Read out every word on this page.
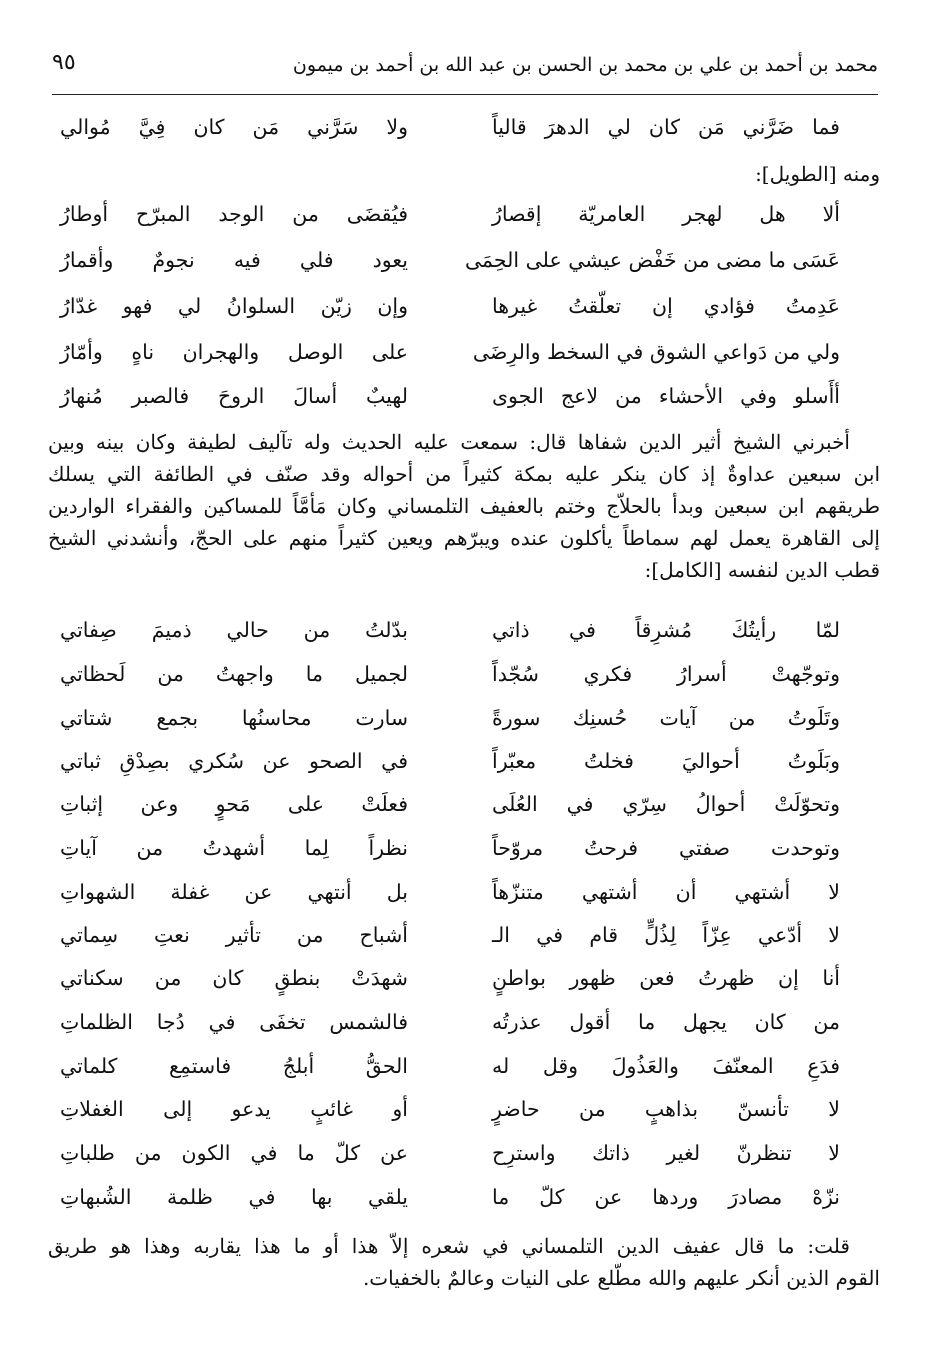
محمد بن أحمد بن علي بن محمد بن الحسن بن عبد الله بن أحمد بن ميمون
٩٥
فما ضَرَّني مَن كان لي الدهرَ قالياً
ولا سَرَّني مَن كان فِيَّ مُوالي
ومنه [الطويل]:
ألا هل لهجر العامريّة إقصارُ
فيُقضَى من الوجد المبرّح أوطارُ
عَسَى ما مضى من خَفْض عيشي على الحِمَى
يعود فلي فيه نجومٌ وأقمارُ
عَدِمتُ فؤادي إن تعلّقتُ غيرها
وإن زيّن السلوانُ لي فهو غدّارُ
ولي من دَواعي الشوق في السخط والرِضَى
على الوصل والهجران ناهٍ وأمّارُ
أأَسلو وفي الأحشاء من لاعج الجوى
لهيبٌ أسالَ الروحَ فالصبر مُنهارُ
أخبرني الشيخ أثير الدين شفاها قال: سمعت عليه الحديث وله تآليف لطيفة وكان بينه وبين
ابن سبعين عداوةٌ إذ كان ينكر عليه بمكة كثيراً من أحواله وقد صنّف في الطائفة التي يسلك
طريقهم ابن سبعين وبدأ بالحلاّج وختم بالعفيف التلمساني وكان مَأمَّاً للمساكين والفقراء الواردين
إلى القاهرة يعمل لهم سماطاً يأكلون عنده ويبرّهم ويعين كثيراً منهم على الحجّ، وأنشدني الشيخ
قطب الدين لنفسه [الكامل]:
لمّا رأيتُكَ مُشرِقاً في ذاتي
بدّلتُ من حالي ذميمَ صِفاتي
وتوجّهتْ أسرارُ فكري سُجّداً
لجميل ما واجهتُ من لَحظاتي
وتَلَوتُ من آيات حُسنِك سورةً
سارت محاسنُها بجمع شتاتي
وبَلَوتُ أحواليَ فخلتُ معبّراً
في الصحو عن سُكري بصِدْقِ ثباتي
وتحوّلَتْ أحوالُ سِرّي في العُلَى
فعلَتْ على مَحوٍ وعن إثباتِ
وتوحدت صفتي فرحتُ مروّحاً
نظراً لِما أشهدتُ من آياتِ
لا أشتهي أن أشتهي متنزّهاً
بل أنتهي عن غفلة الشهواتِ
لا أدّعي عِزّاً لِذُلٍّ قام في الـ
أشباح من تأثير نعتِ سِماتي
أنا إن ظهرتُ فعن ظهور بواطنٍ
شهدَتْ بنطقٍ كان من سكناتي
من كان يجهل ما أقول عذرتُه
فالشمس تخفَى في دُجا الظلماتِ
فدَعِ المعنّفَ والعَذُولَ وقل له
الحقُّ أبلجُ فاستمِع كلماتي
لا تأنسنّ بذاهبٍ من حاضرٍ
أو غائبٍ يدعو إلى الغفلاتِ
لا تنظرنّ لغير ذاتك واسترِح
عن كلّ ما في الكون من طلباتِ
نزّهْ مصادرَ وردها عن كلّ ما
يلقي بها في ظلمة الشُبهاتِ
قلت: ما قال عفيف الدين التلمساني في شعره إلاّ هذا أو ما هذا يقاربه وهذا هو طريق
القوم الذين أنكر عليهم والله مطّلع على النيات وعالمٌ بالخفيات.
